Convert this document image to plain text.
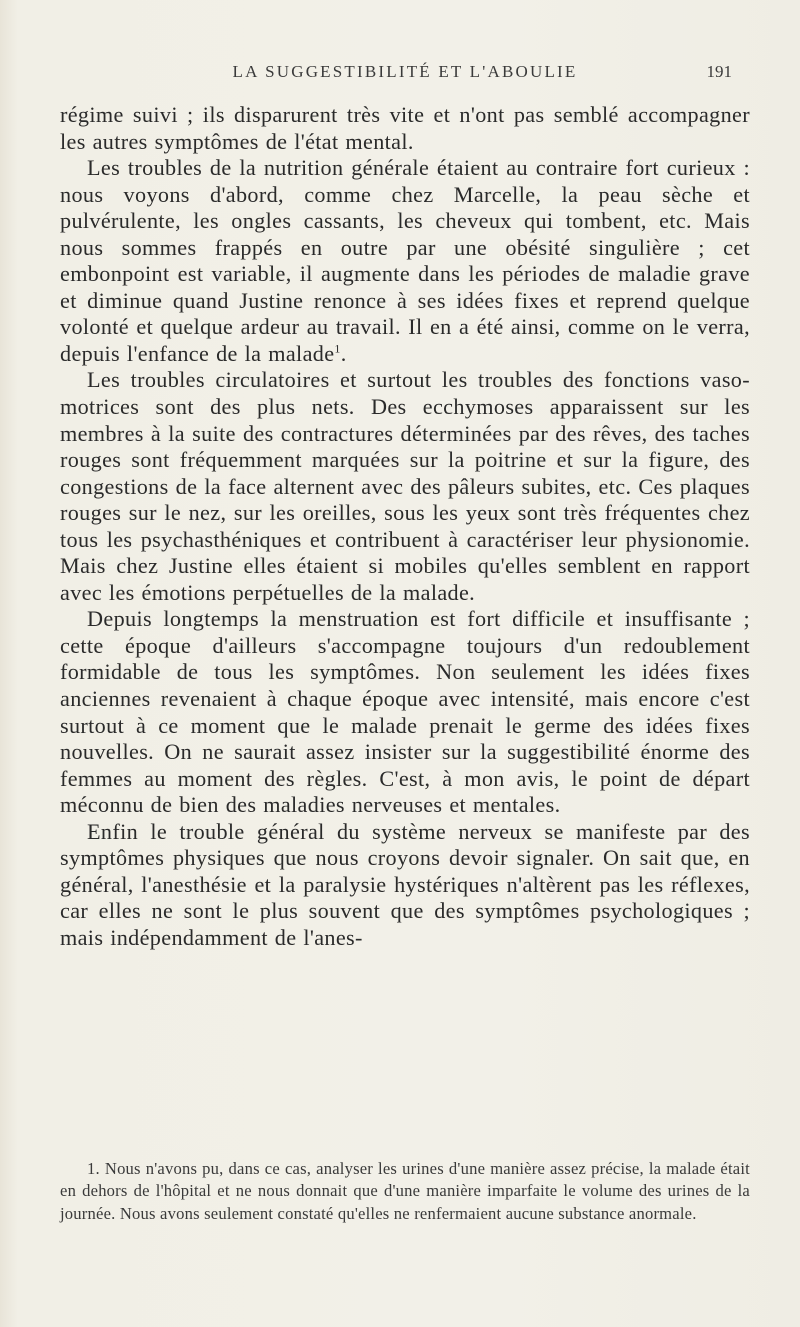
LA SUGGESTIBILITÉ ET L'ABOULIE	191

régime suivi ; ils disparurent très vite et n'ont pas semblé accompagner les autres symptômes de l'état mental.

Les troubles de la nutrition générale étaient au contraire fort curieux : nous voyons d'abord, comme chez Marcelle, la peau sèche et pulvérulente, les ongles cassants, les cheveux qui tombent, etc. Mais nous sommes frappés en outre par une obésité singulière ; cet embonpoint est variable, il augmente dans les périodes de maladie grave et diminue quand Justine renonce à ses idées fixes et reprend quelque volonté et quelque ardeur au travail. Il en a été ainsi, comme on le verra, depuis l'enfance de la malade$^1$.

Les troubles circulatoires et surtout les troubles des fonctions vaso-motrices sont des plus nets. Des ecchymoses apparaissent sur les membres à la suite des contractures déterminées par des rêves, des taches rouges sont fréquemment marquées sur la poitrine et sur la figure, des congestions de la face alternent avec des pâleurs subites, etc. Ces plaques rouges sur le nez, sur les oreilles, sous les yeux sont très fréquentes chez tous les psychasthéniques et contribuent à caractériser leur physionomie. Mais chez Justine elles étaient si mobiles qu'elles semblent en rapport avec les émotions perpétuelles de la malade.

Depuis longtemps la menstruation est fort difficile et insuffisante ; cette époque d'ailleurs s'accompagne toujours d'un redoublement formidable de tous les symptômes. Non seulement les idées fixes anciennes revenaient à chaque époque avec intensité, mais encore c'est surtout à ce moment que le malade prenait le germe des idées fixes nouvelles. On ne saurait assez insister sur la suggestibilité énorme des femmes au moment des règles. C'est, à mon avis, le point de départ méconnu de bien des maladies nerveuses et mentales.

Enfin le trouble général du système nerveux se manifeste par des symptômes physiques que nous croyons devoir signaler. On sait que, en général, l'anesthésie et la paralysie hystériques n'altèrent pas les réflexes, car elles ne sont le plus souvent que des symptômes psychologiques ; mais indépendamment de l'anes-

1. Nous n'avons pu, dans ce cas, analyser les urines d'une manière assez précise, la malade était en dehors de l'hôpital et ne nous donnait que d'une manière imparfaite le volume des urines de la journée. Nous avons seulement constaté qu'elles ne renfermaient aucune substance anormale.
